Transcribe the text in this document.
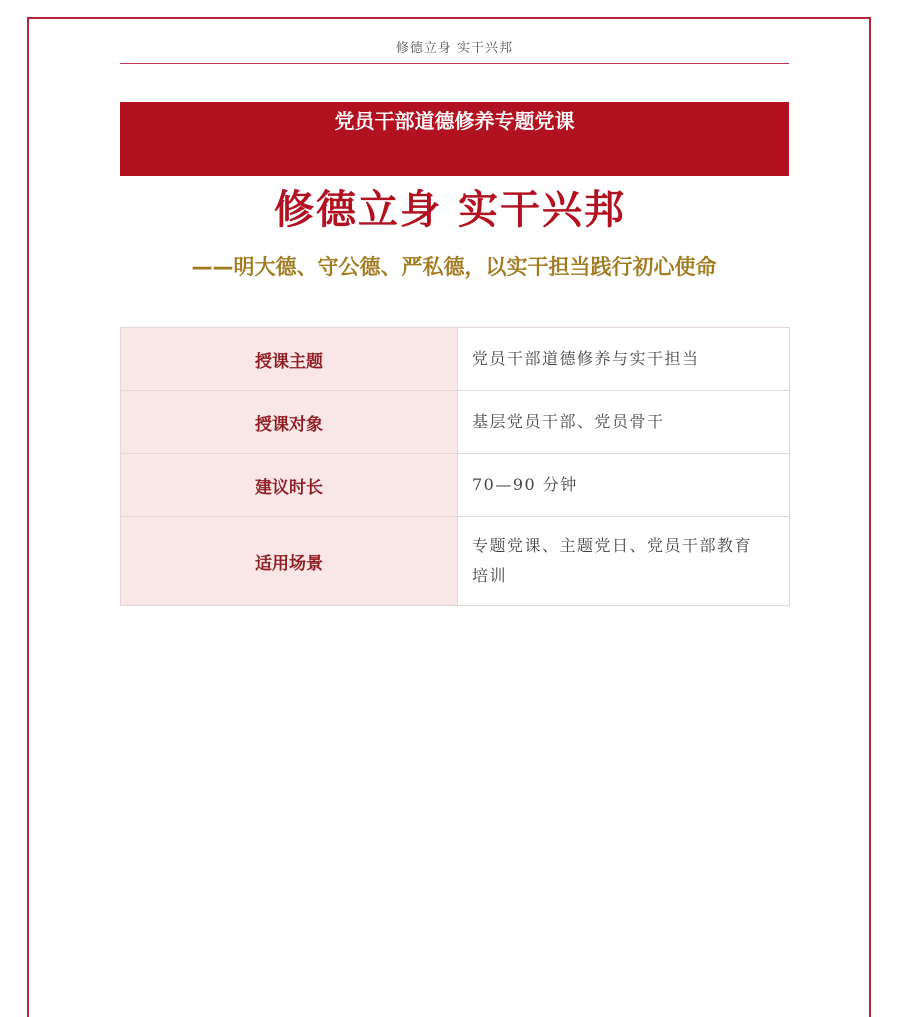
修德立身 实干兴邦
党员干部道德修养专题党课
修德立身 实干兴邦
——明大德、守公德、严私德，以实干担当践行初心使命
授课主题	党员干部道德修养与实干担当
授课对象	基层党员干部、党员骨干
建议时长	70—90 分钟
适用场景	专题党课、主题党日、党员干部教育培训
